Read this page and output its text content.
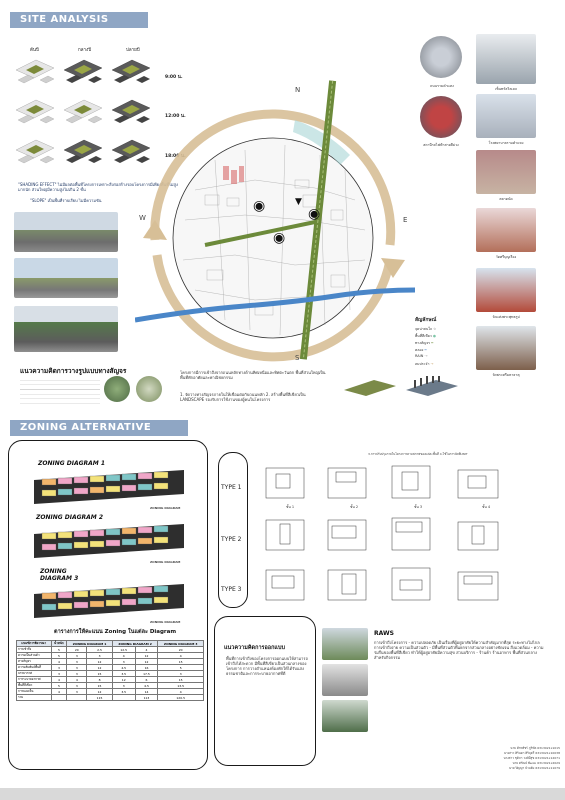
SITE ANALYSIS
ต้นปี	กลางปี	ปลายปี
9:00 น.
12:00 น.
18:00 น.
"SHADING EFFECT" ไม่มีผลต่อพื้นที่โครงการเพราะสิ่งก่อสร้างรอบโครงการมีเพียงพื้นที่ไม่สูงมากนัก ส่วนใหญ่มีความสูงไม่เกิน 2 ชั้น
"SLOPE" เป็นพื้นที่ราบเรียบ ไม่มีความชัน	◉	◉
◉
▼
N
E
S
W
ถนนรามคำแหง
เซ็นทรัลวิลเลจ
สถานีรถไฟฟ้าสายสีม่วง	โรงพยาบาลรามคำแหง
ตลาดนัด
วัดศรีบุญเรือง
วัดแห่งพระพุทธรูป
วัดพระศรีมหาธาตุ
สัญลักษณ์
จุดน่าสนใจ ☆
พื้นที่สีเขียว ●
ทางสัญจร ━
คลอง ━
RAIN ⇢
ลมประจำ →
แนวความคิดการวางรูปแบบทางสัญจร	โครงการมีการเข้าถึงจากถนนหลักทางด้านทิศเหนือและทิศตะวันตก พื้นที่ส่วนใหญ่เป็นพื้นที่พักอาศัยและพาณิชยกรรม
1. จัดวางทางสัญจรภายในให้เชื่อมต่อกับถนนหลัก 2. สร้างพื้นที่สีเขียวเป็น LANDSCAPE รองรับการใช้งานของผู้คนในโครงการ
ZONING ALTERNATIVE
ZONING DIAGRAM 1
ZONING DIAGRAM
ZONING DIAGRAM 2
ZONING DIAGRAM
ZONING DIAGRAM 3
ZONING DIAGRAM
ตารางการให้คะแนน Zoning ในแต่ละ Diagram
เกณฑ์การพิจารณา	น้ำหนัก	ZONING DIAGRAM 1		ZONING DIAGRAM 2		ZONING DIAGRAM 3
การเข้าถึง	5	20	2.5	12.5	4	20
ความเป็นส่วนตัว	5	3	3	4	12	4
ทางสัญจร	4	3	12	3	12	15
ความสัมพันธ์พื้นที่	3	3	12	4.5	16	5
บรรยากาศ	3	3	15	3.5	17.5	3
การระบายอากาศ	4	4	8	12	6	15
พื้นที่สีเขียว	5	3	15	3	4.5	13.5
การมองเห็น	4	3	12	3.5	14	4
รวม			115		113	120.5
TYPE 1
TYPE 2
TYPE 3
3.การปรับปรุงภายในโครงการตามสภาพของแต่ละพื้นที่ 4.ใช้ในการจัดพืUNIT
ชั้น 1	ชั้น 2	ชั้น 3	ชั้น 4
แนวความคิดการออกแบบ
พื้นที่การเข้าถึงของโครงการออกแบบให้สามารถเข้าถึงได้สะดวก มีพื้นที่สีเขียวเป็นส่วนกลางของโครงการ การวางตำแหน่งห้องพักให้ได้รับแสงธรรมชาติและการระบายอากาศที่ดี
RAWS
การเข้าถึงโครงการ - ความปลอดภัย เป็นเรื่องที่ผู้อยู่อาศัยให้ความสำคัญมากที่สุด ระยะทางไม่ไกล การเข้าถึงง่าย ความเป็นส่วนตัว - มีพื้นที่ส่วนตัวที่แยกจากส่วนกลางอย่างชัดเจน สิ่งแวดล้อม - ความร่มรื่นของพื้นที่สีเขียว ทำให้ผู้อยู่อาศัยมีความสุข ส่วนบริการ - ร้านค้า ร้านอาหาร พื้นที่ส่วนกลางสำหรับกิจกรรม
นาย ศักรพัชร์ ภูริทัต 6313021x1015
นางสาว ศิรินดา ศิริบุตรี 6313021x10038
นางสาว ชุติภา วงศ์มีสุข 6313021x12071
นาย ศรัณย์ พัฒนะ 6313021x2029
นาย ปิญญา บัวแย้ม 6313021x11079
